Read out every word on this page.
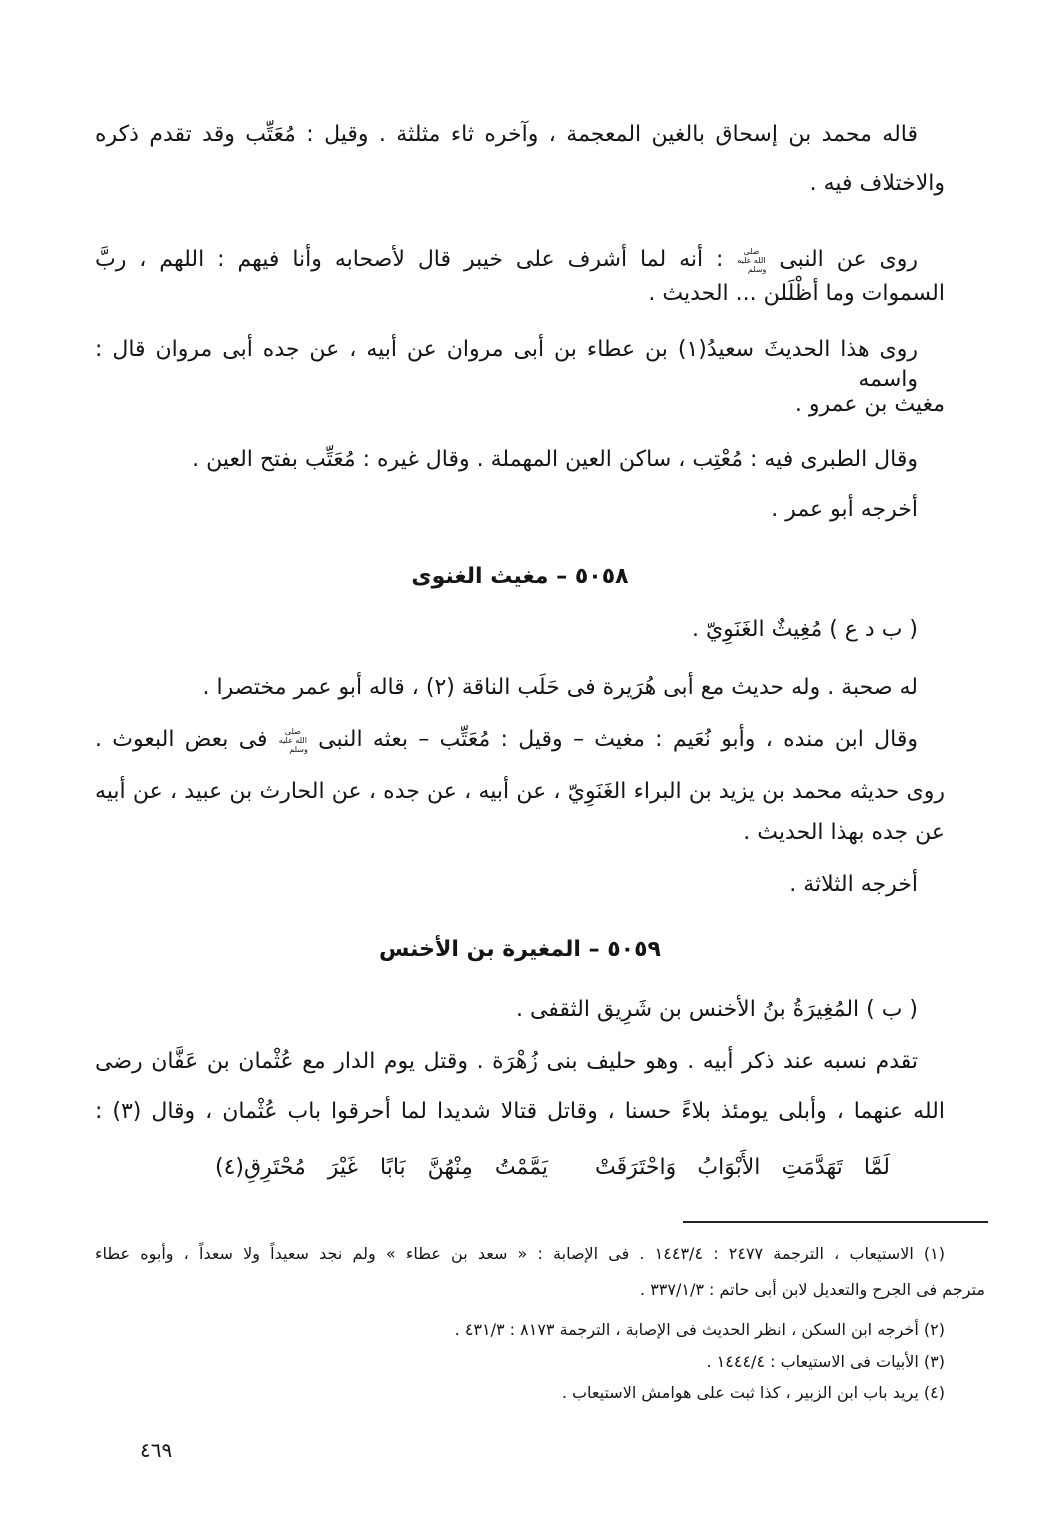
قاله محمد بن إسحاق بالغين المعجمة ، وآخره ثاء مثلثة . وقيل : مُعَتِّب وقد تقدم ذكره
والاختلاف فيه .
روى عن النبى صلى الله عليه وسلم : أنه لما أشرف على خيبر قال لأصحابه وأنا فيهم : اللهم ، ربَّ
السموات وما أظْلَلن ... الحديث .
روى هذا الحديثَ سعيدُ(١) بن عطاء بن أبى مروان عن أبيه ، عن جده أبى مروان قال : واسمه
مغيث بن عمرو .
وقال الطبرى فيه : مُعْتِب ، ساكن العين المهملة . وقال غيره : مُعَتِّب بفتح العين .
أخرجه أبو عمر .
٥٠٥٨ – مغيث الغنوى
( ب د ع ) مُغِيثٌ الغَنَوِيّ .
له صحبة . وله حديث مع أبى هُرَيرة فى حَلَب الناقة (٢) ، قاله أبو عمر مختصرا .
وقال ابن منده ، وأبو نُعَيم : مغيث – وقيل : مُعَتِّب – بعثه النبى صلى الله عليه وسلم فى بعض البعوث .
روى حديثه محمد بن يزيد بن البراء الغَنَوِيّ ، عن أبيه ، عن جده ، عن الحارث بن عبيد ، عن أبيه
عن جده بهذا الحديث .
أخرجه الثلاثة .
٥٠٥٩ – المغيرة بن الأخنس
( ب ) المُغِيرَةُ بنُ الأخنس بن شَرِيق الثقفى .
تقدم نسبه عند ذكر أبيه . وهو حليف بنى زُهْرَة . وقتل يوم الدار مع عُثْمان بن عَفَّان رضى
الله عنهما ، وأبلى يومئذ بلاءً حسنا ، وقاتل قتالا شديدا لما أحرقوا باب عُثْمان ، وقال (٣) :
لَمَّا تَهَدَّمَتِ الأَبْوَابُ وَاحْتَرَقَتْ
يَمَّمْتُ مِنْهُنَّ بَابًا غَيْرَ مُحْتَرِقِ(٤)
(١) الاستيعاب ، الترجمة ٢٤٧٧ : ١٤٤٣/٤ . فى الإصابة : « سعد بن عطاء » ولم نجد سعيداً ولا سعداً ، وأبوه عطاء
مترجم فى الجرح والتعديل لابن أبى حاتم : ٣٣٧/١/٣ .
(٢) أخرجه ابن السكن ، انظر الحديث فى الإصابة ، الترجمة ٨١٧٣ : ٤٣١/٣ .
(٣) الأبيات فى الاستيعاب : ١٤٤٤/٤ .
(٤) يريد باب ابن الزبير ، كذا ثبت على هوامش الاستيعاب .
٤٦٩
